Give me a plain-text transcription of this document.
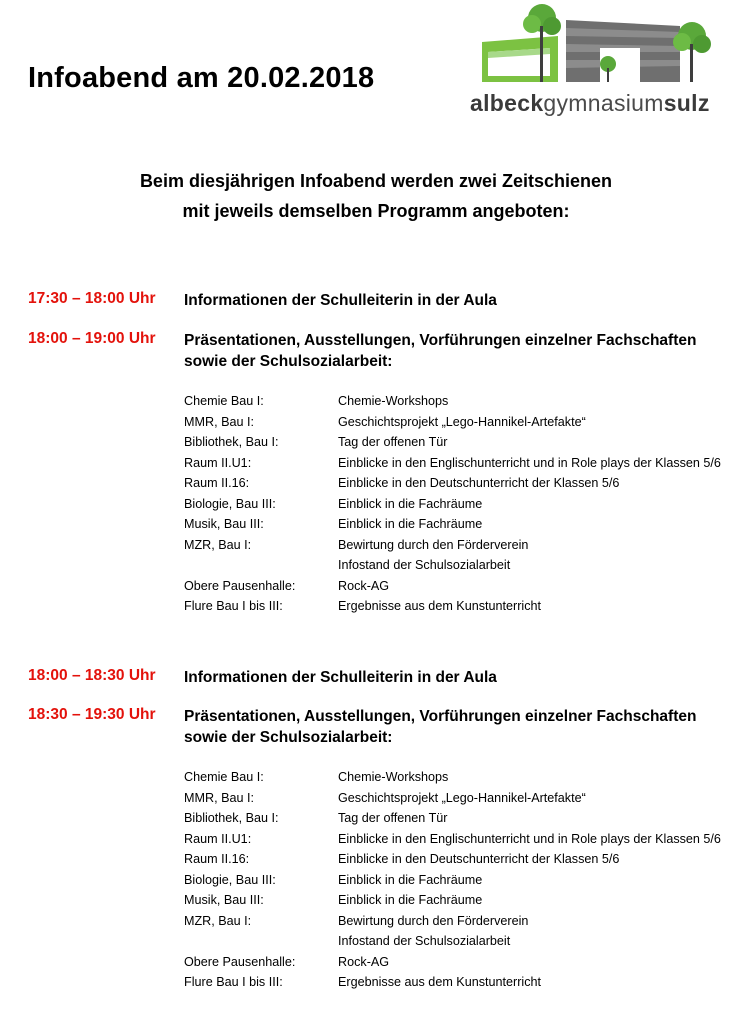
Infoabend am 20.02.2018
albeckgymnasiumsulz
Beim diesjährigen Infoabend werden zwei Zeitschienen
mit jeweils demselben Programm angeboten:
17:30 – 18:00 Uhr Informationen der Schulleiterin in der Aula
18:00 – 19:00 Uhr Präsentationen, Ausstellungen, Vorführungen einzelner Fachschaften
sowie der Schulsozialarbeit:
Chemie Bau I:	Chemie-Workshops
MMR, Bau I:	Geschichtsprojekt „Lego-Hannikel-Artefakte“
Bibliothek, Bau I:	Tag der offenen Tür
Raum II.U1:	Einblicke in den Englischunterricht und in Role plays der Klassen 5/6
Raum II.16:	Einblicke in den Deutschunterricht der Klassen 5/6
Biologie, Bau III:	Einblick in die Fachräume
Musik, Bau III:	Einblick in die Fachräume
MZR, Bau I:	Bewirtung durch den Förderverein
Infostand der Schulsozialarbeit
Obere Pausenhalle:	Rock-AG
Flure Bau I bis III:	Ergebnisse aus dem Kunstunterricht
18:00 – 18:30 Uhr Informationen der Schulleiterin in der Aula
18:30 – 19:30 Uhr Präsentationen, Ausstellungen, Vorführungen einzelner Fachschaften
sowie der Schulsozialarbeit:
Chemie Bau I:	Chemie-Workshops
MMR, Bau I:	Geschichtsprojekt „Lego-Hannikel-Artefakte“
Bibliothek, Bau I:	Tag der offenen Tür
Raum II.U1:	Einblicke in den Englischunterricht und in Role plays der Klassen 5/6
Raum II.16:	Einblicke in den Deutschunterricht der Klassen 5/6
Biologie, Bau III:	Einblick in die Fachräume
Musik, Bau III:	Einblick in die Fachräume
MZR, Bau I:	Bewirtung durch den Förderverein
Infostand der Schulsozialarbeit
Obere Pausenhalle:	Rock-AG
Flure Bau I bis III:	Ergebnisse aus dem Kunstunterricht
